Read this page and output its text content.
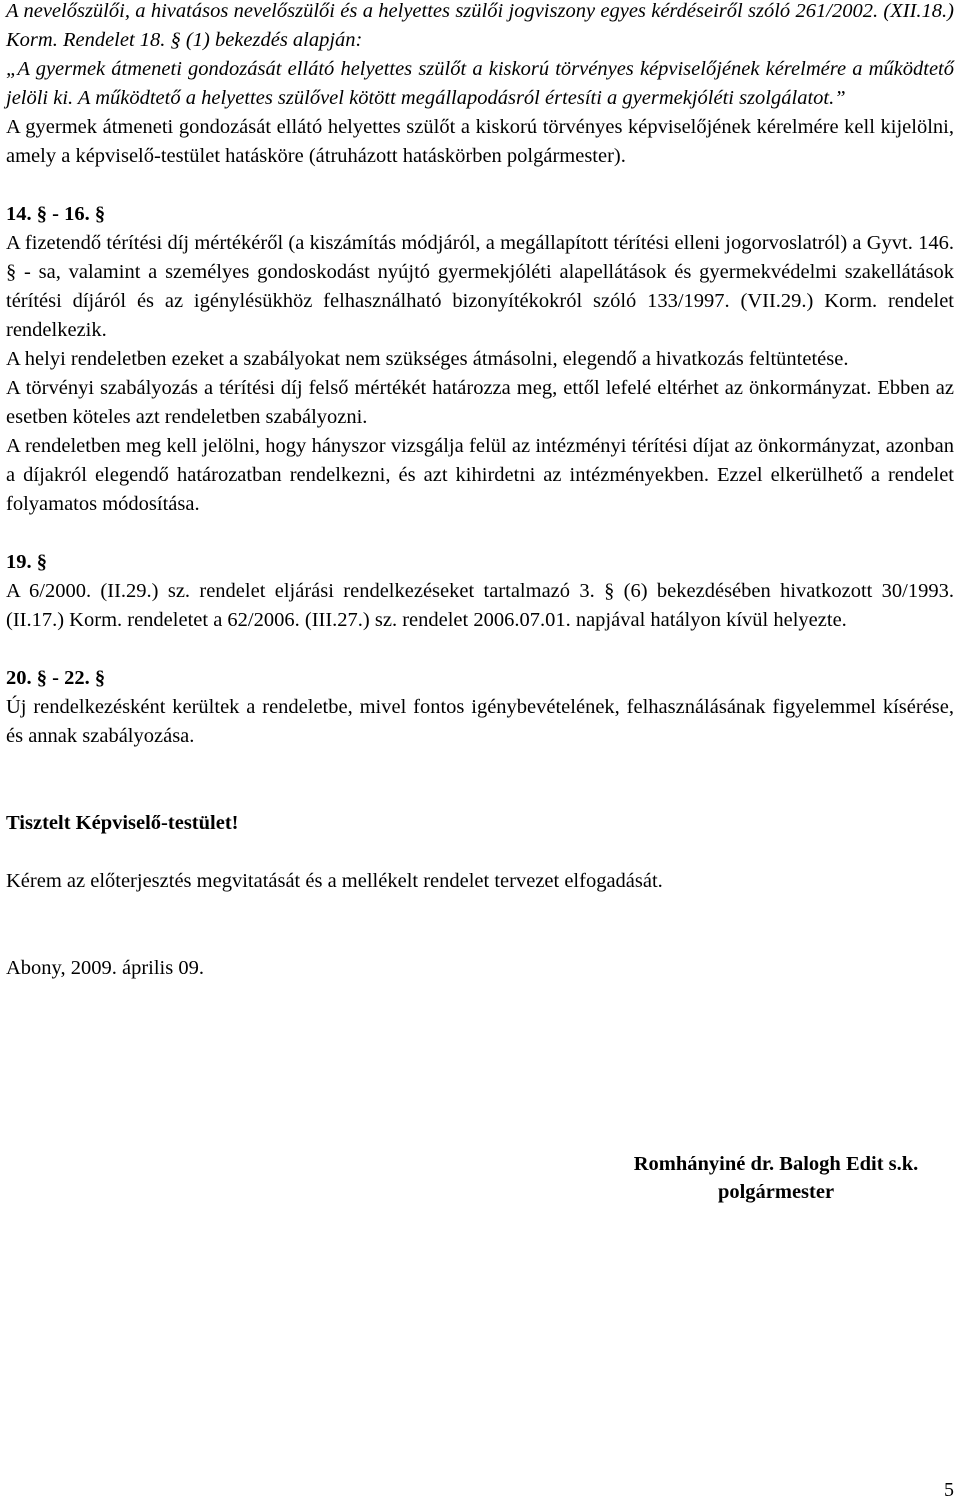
A nevelőszülői, a hivatásos nevelőszülői és a helyettes szülői jogviszony egyes kérdéseiről szóló 261/2002. (XII.18.) Korm. Rendelet 18. § (1) bekezdés alapján:

„A gyermek átmeneti gondozását ellátó helyettes szülőt a kiskorú törvényes képviselőjének kérelmére a működtető jelöli ki. A működtető a helyettes szülővel kötött megállapodásról értesíti a gyermekjóléti szolgálatot.”

A gyermek átmeneti gondozását ellátó helyettes szülőt a kiskorú törvényes képviselőjének kérelmére kell kijelölni, amely a képviselő-testület hatásköre (átruházott hatáskörben polgármester).

14. § - 16. §

A fizetendő térítési díj mértékéről (a kiszámítás módjáról, a megállapított térítési elleni jogorvoslatról) a Gyvt. 146. § - sa, valamint a személyes gondoskodást nyújtó gyermekjóléti alapellátások és gyermekvédelmi szakellátások térítési díjáról és az igénylésükhöz felhasználható bizonyítékokról szóló 133/1997. (VII.29.) Korm. rendelet rendelkezik.

A helyi rendeletben ezeket a szabályokat nem szükséges átmásolni, elegendő a hivatkozás feltüntetése.

A törvényi szabályozás a térítési díj felső mértékét határozza meg, ettől lefelé eltérhet az önkormányzat. Ebben az esetben köteles azt rendeletben szabályozni.

A rendeletben meg kell jelölni, hogy hányszor vizsgálja felül az intézményi térítési díjat az önkormányzat, azonban a díjakról elegendő határozatban rendelkezni, és azt kihirdetni az intézményekben. Ezzel elkerülhető a rendelet folyamatos módosítása.

19. §

A 6/2000. (II.29.) sz. rendelet eljárási rendelkezéseket tartalmazó 3. § (6) bekezdésében hivatkozott 30/1993. (II.17.) Korm. rendeletet a 62/2006. (III.27.) sz. rendelet 2006.07.01. napjával hatályon kívül helyezte.

20. § - 22. §

Új rendelkezésként kerültek a rendeletbe, mivel fontos igénybevételének, felhasználásának figyelemmel kísérése, és annak szabályozása.

Tisztelt Képviselő-testület!

Kérem az előterjesztés megvitatását és a mellékelt rendelet tervezet elfogadását.

Abony, 2009. április 09.

Romhányiné dr. Balogh Edit s.k.
polgármester
5
